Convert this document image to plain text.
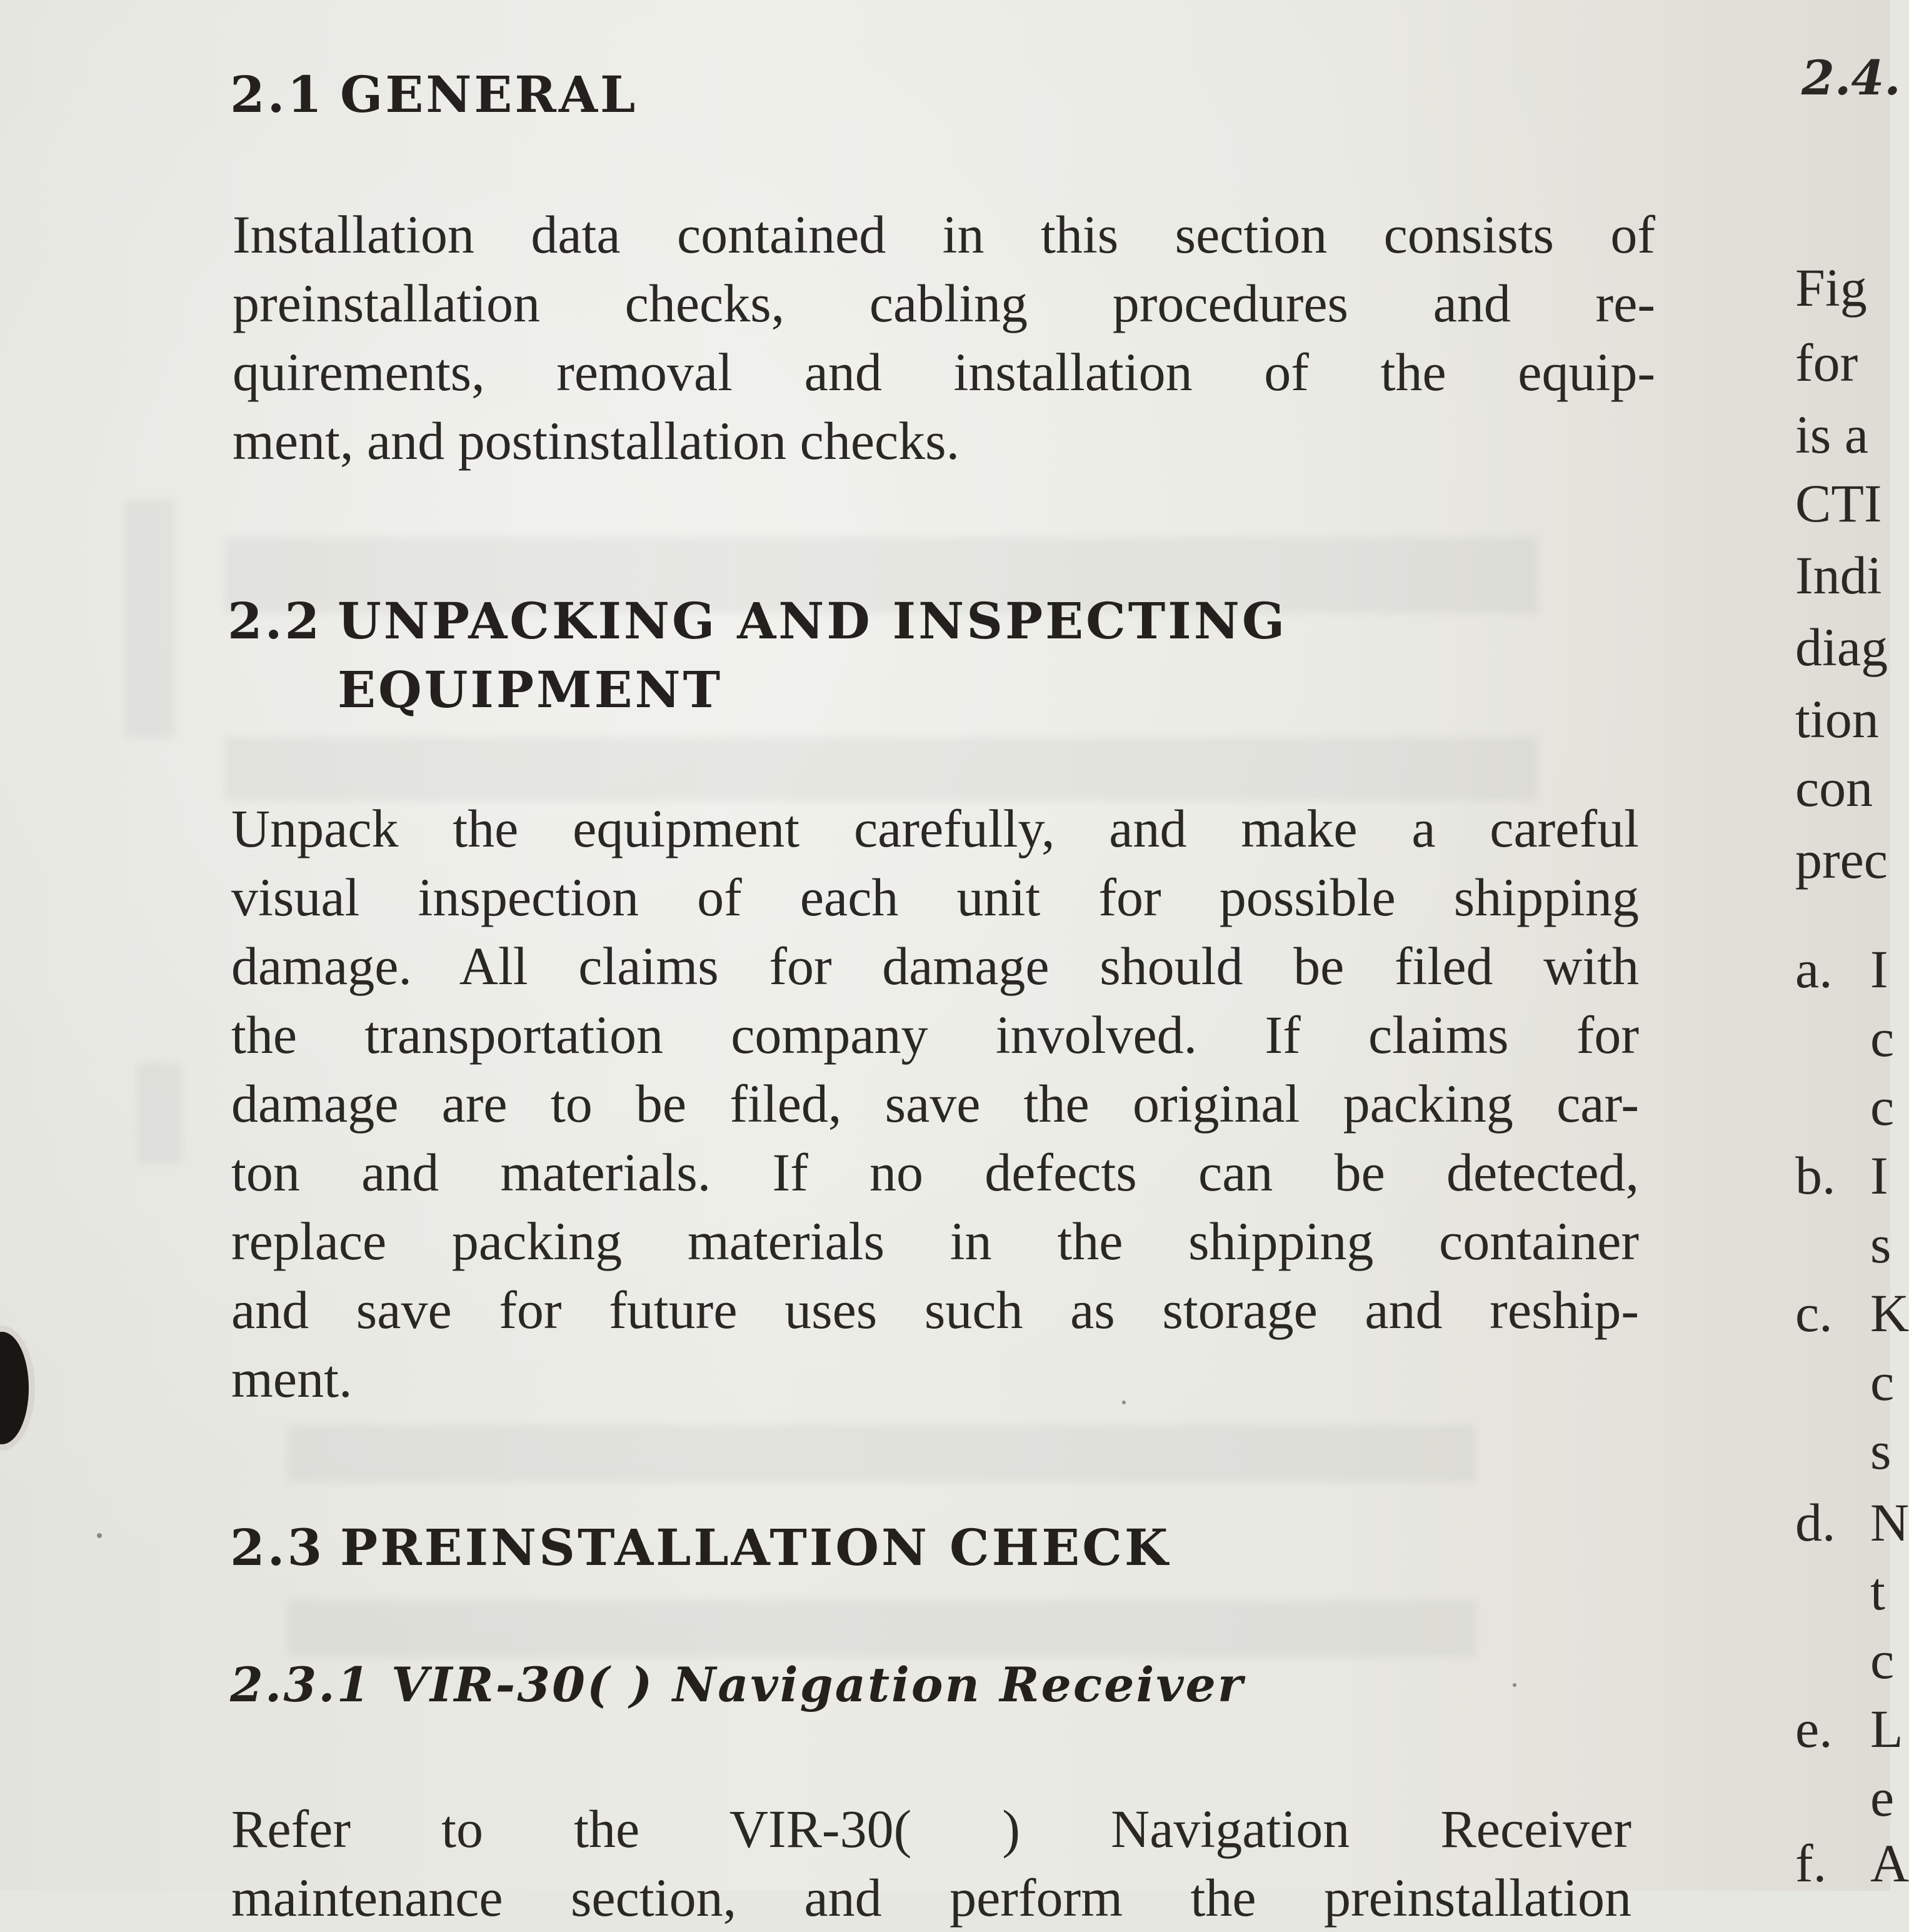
2.1 GENERAL
Installation data contained in this section consists of
preinstallation checks, cabling procedures and re-
quirements, removal and installation of the equip-
ment, and postinstallation checks.
2.2 UNPACKING AND INSPECTING
EQUIPMENT
Unpack the equipment carefully, and make a careful
visual inspection of each unit for possible shipping
damage. All claims for damage should be filed with
the transportation company involved. If claims for
damage are to be filed, save the original packing car-
ton and materials. If no defects can be detected,
replace packing materials in the shipping container
and save for future uses such as storage and reship-
ment.
2.3 PREINSTALLATION CHECK
2.3.1 VIR-30( ) Navigation Receiver
Refer to the VIR-30( ) Navigation Receiver
maintenance section, and perform the preinstallation
2.4.
Fig
for
is a
CTI
Indi
diag
tion
con
prec
a. I
c
c
b. I
s
c. K
c
s
d. N
t
c
e. L
e
f. A
